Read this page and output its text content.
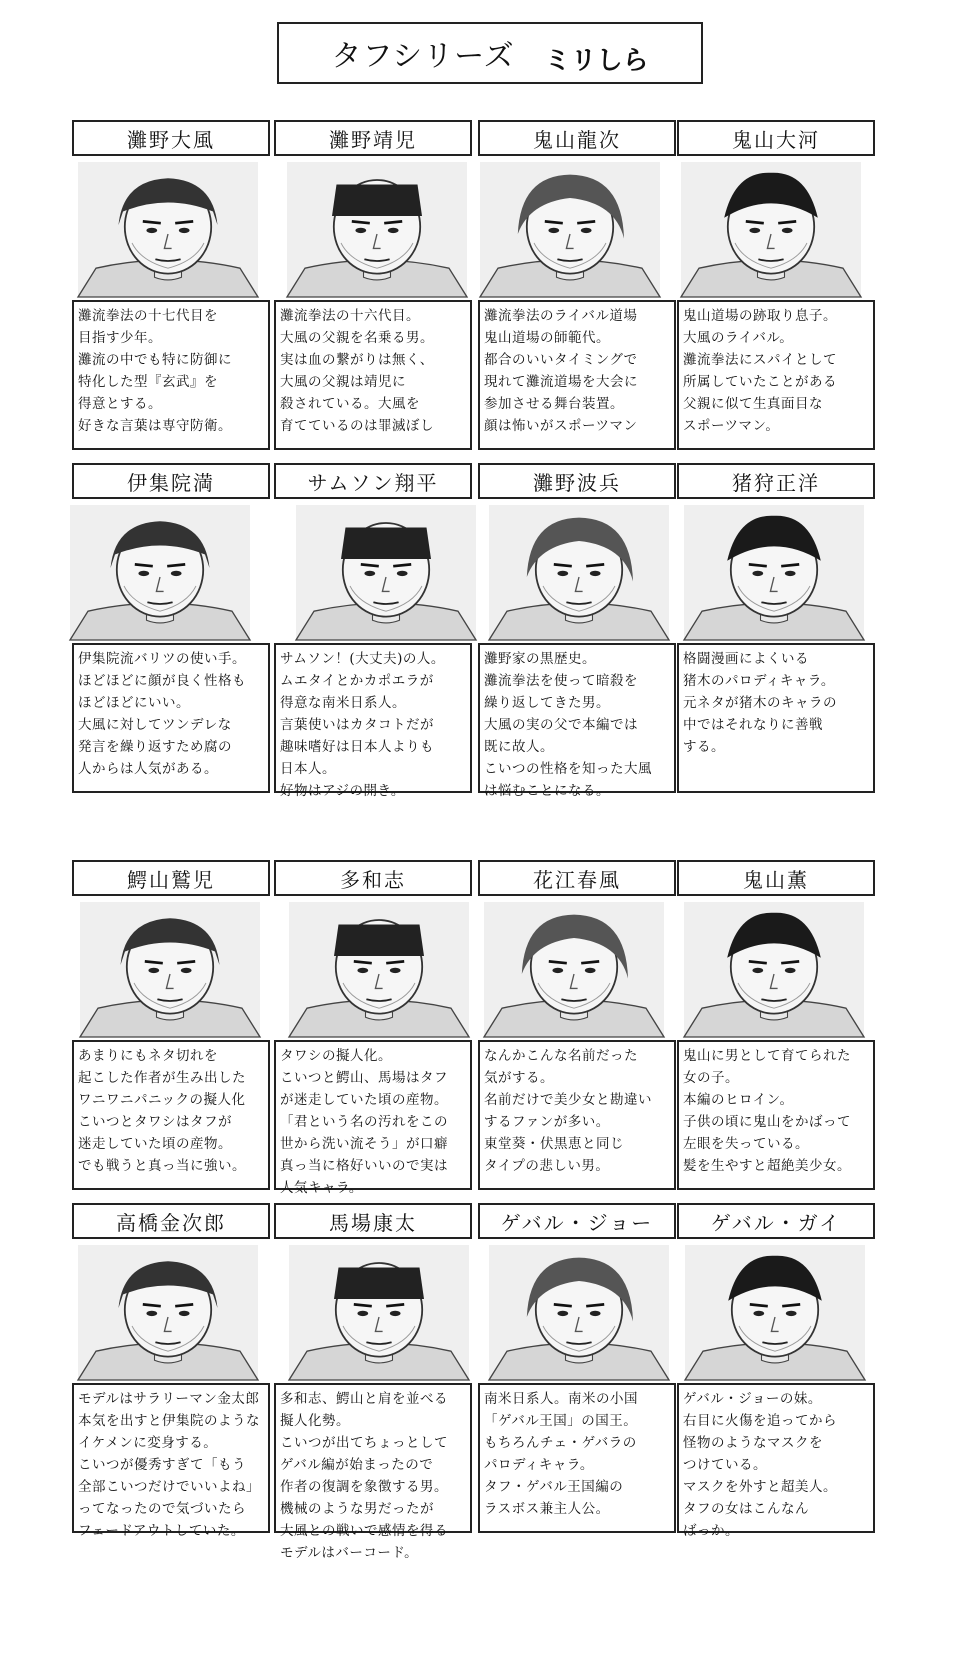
タフシリーズ ミリしら
灘野大風
灘流拳法の十七代目を
目指す少年。
灘流の中でも特に防御に
特化した型『玄武』を
得意とする。
好きな言葉は専守防衛。
灘野靖児
灘流拳法の十六代目。
大風の父親を名乗る男。
実は血の繋がりは無く、
大風の父親は靖児に
殺されている。大風を
育てているのは罪滅ぼし
鬼山龍次
灘流拳法のライバル道場
鬼山道場の師範代。
都合のいいタイミングで
現れて灘流道場を大会に
参加させる舞台装置。
顔は怖いがスポーツマン
鬼山大河
鬼山道場の跡取り息子。
大風のライバル。
灘流拳法にスパイとして
所属していたことがある
父親に似て生真面目な
スポーツマン。
伊集院満
伊集院流バリツの使い手。
ほどほどに顔が良く性格も
ほどほどにいい。
大風に対してツンデレな
発言を繰り返すため腐の
人からは人気がある。
サムソン翔平
サムソン！(大丈夫)の人。
ムエタイとかカポエラが
得意な南米日系人。
言葉使いはカタコトだが
趣味嗜好は日本人よりも
日本人。
好物はアジの開き。
灘野波兵
灘野家の黒歴史。
灘流拳法を使って暗殺を
繰り返してきた男。
大風の実の父で本編では
既に故人。
こいつの性格を知った大風
は悩むことになる。
猪狩正洋
格闘漫画によくいる
猪木のパロディキャラ。
元ネタが猪木のキャラの
中ではそれなりに善戦
する。
鰐山鷲児
あまりにもネタ切れを
起こした作者が生み出した
ワニワニパニックの擬人化
こいつとタワシはタフが
迷走していた頃の産物。
でも戦うと真っ当に強い。
多和志
タワシの擬人化。
こいつと鰐山、馬場はタフ
が迷走していた頃の産物。
「君という名の汚れをこの
世から洗い流そう」が口癖
真っ当に格好いいので実は
人気キャラ。
花江春風
なんかこんな名前だった
気がする。
名前だけで美少女と勘違い
するファンが多い。
東堂葵・伏黒恵と同じ
タイプの悲しい男。
鬼山薫
鬼山に男として育てられた
女の子。
本編のヒロイン。
子供の頃に鬼山をかばって
左眼を失っている。
髪を生やすと超絶美少女。
高橋金次郎
モデルはサラリーマン金太郎
本気を出すと伊集院のような
イケメンに変身する。
こいつが優秀すぎて「もう
全部こいつだけでいいよね」
ってなったので気づいたら
フェードアウトしていた。
馬場康太
多和志、鰐山と肩を並べる
擬人化勢。
こいつが出てちょっとして
ゲバル編が始まったので
作者の復調を象徴する男。
機械のような男だったが
大風との戦いで感情を得る
モデルはバーコード。
ゲバル・ジョー
南米日系人。南米の小国
「ゲバル王国」の国王。
もちろんチェ・ゲバラの
パロディキャラ。
タフ・ゲバル王国編の
ラスボス兼主人公。
ゲバル・ガイ
ゲバル・ジョーの妹。
右目に火傷を追ってから
怪物のようなマスクを
つけている。
マスクを外すと超美人。
タフの女はこんなん
ばっか。
